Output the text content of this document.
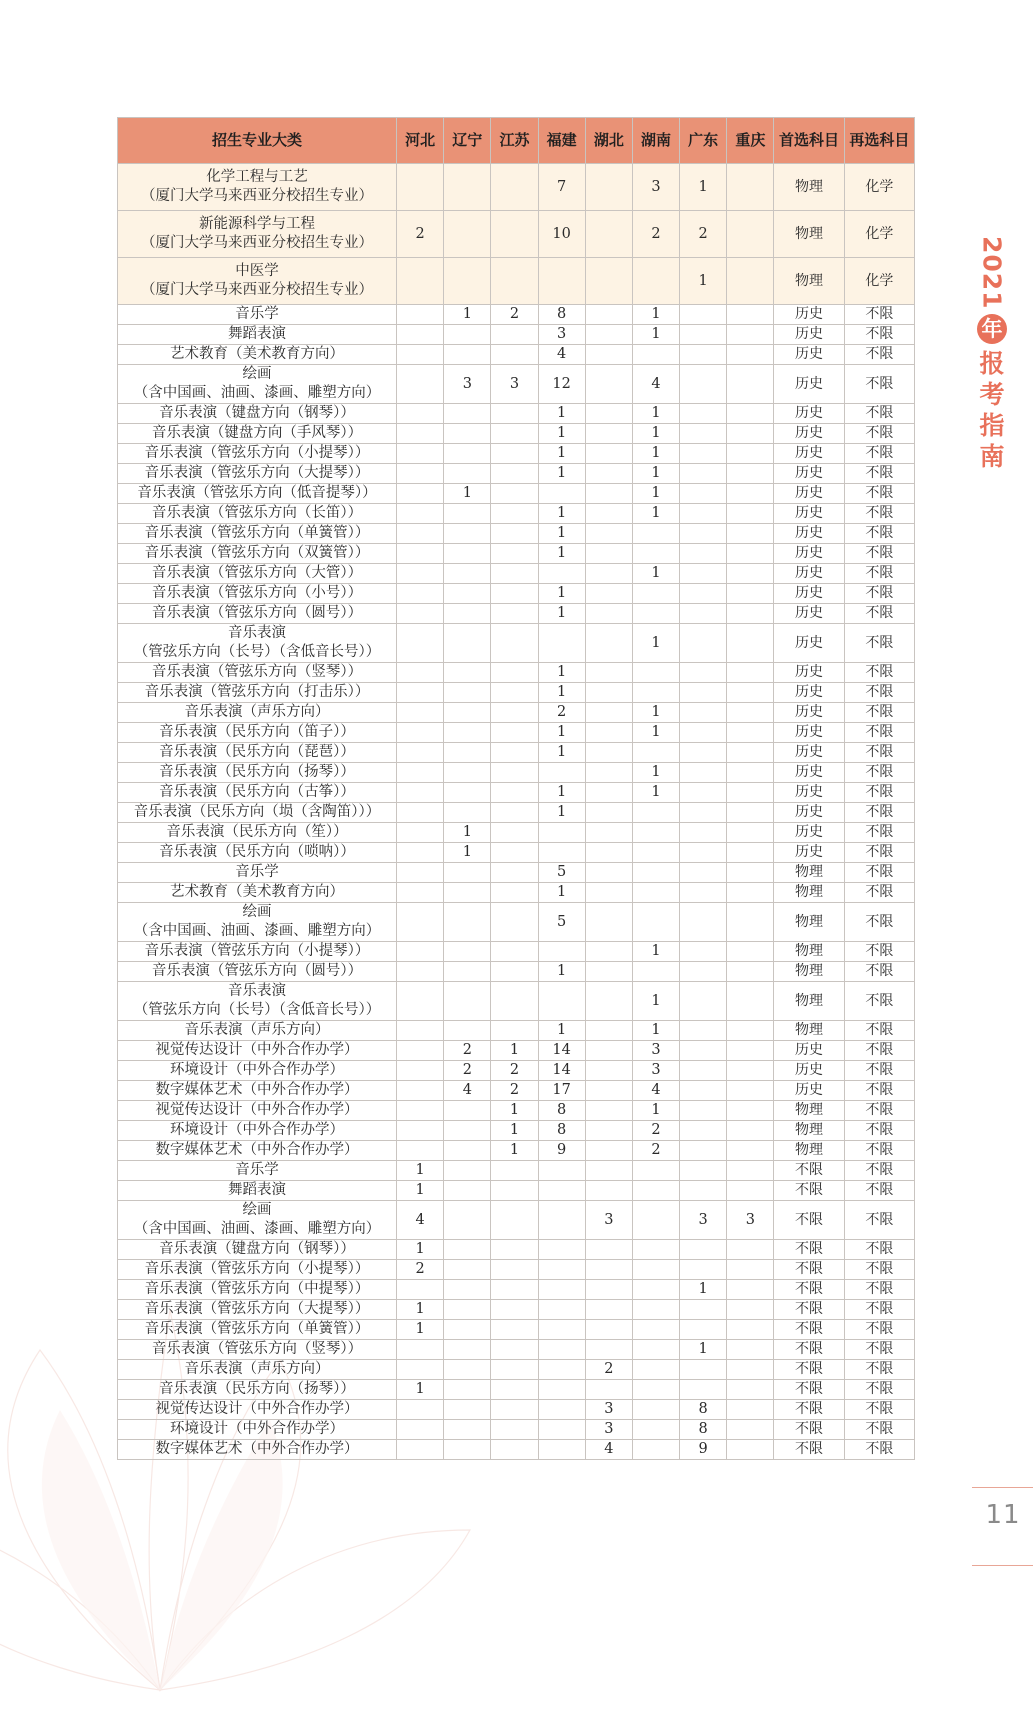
招生专业大类	河北	辽宁	江苏	福建	湖北	湖南	广东	重庆	首选科目	再选科目

化学工程与工艺
（厦门大学马来西亚分校招生专业）				7		3	1		物理	化学

新能源科学与工程
（厦门大学马来西亚分校招生专业）	2			10		2	2		物理	化学

中医学
（厦门大学马来西亚分校招生专业）							1		物理	化学

音乐学		1	2	8		1			历史	不限

舞蹈表演				3		1			历史	不限

艺术教育（美术教育方向）				4					历史	不限

绘画
（含中国画、油画、漆画、雕塑方向）		3	3	12		4			历史	不限

音乐表演（键盘方向（钢琴））				1		1			历史	不限

音乐表演（键盘方向（手风琴））				1		1			历史	不限

音乐表演（管弦乐方向（小提琴））				1		1			历史	不限

音乐表演（管弦乐方向（大提琴））				1		1			历史	不限

音乐表演（管弦乐方向（低音提琴））		1				1			历史	不限

音乐表演（管弦乐方向（长笛））				1		1			历史	不限

音乐表演（管弦乐方向（单簧管））				1					历史	不限

音乐表演（管弦乐方向（双簧管））				1					历史	不限

音乐表演（管弦乐方向（大管））						1			历史	不限

音乐表演（管弦乐方向（小号））				1					历史	不限

音乐表演（管弦乐方向（圆号））				1					历史	不限

音乐表演
（管弦乐方向（长号）（含低音长号））						1			历史	不限

音乐表演（管弦乐方向（竖琴））				1					历史	不限

音乐表演（管弦乐方向（打击乐））				1					历史	不限

音乐表演（声乐方向）				2		1			历史	不限

音乐表演（民乐方向（笛子））				1		1			历史	不限

音乐表演（民乐方向（琵琶））				1					历史	不限

音乐表演（民乐方向（扬琴））						1			历史	不限

音乐表演（民乐方向（古筝））				1		1			历史	不限

音乐表演（民乐方向（埙（含陶笛）））				1					历史	不限

音乐表演（民乐方向（笙））		1							历史	不限

音乐表演（民乐方向（唢呐））		1							历史	不限

音乐学				5					物理	不限

艺术教育（美术教育方向）				1					物理	不限

绘画
（含中国画、油画、漆画、雕塑方向）				5					物理	不限

音乐表演（管弦乐方向（小提琴））						1			物理	不限

音乐表演（管弦乐方向（圆号））				1					物理	不限

音乐表演
（管弦乐方向（长号）（含低音长号））						1			物理	不限

音乐表演（声乐方向）				1		1			物理	不限

视觉传达设计（中外合作办学）		2	1	14		3			历史	不限

环境设计（中外合作办学）		2	2	14		3			历史	不限

数字媒体艺术（中外合作办学）		4	2	17		4			历史	不限

视觉传达设计（中外合作办学）			1	8		1			物理	不限

环境设计（中外合作办学）			1	8		2			物理	不限

数字媒体艺术（中外合作办学）			1	9		2			物理	不限

音乐学	1								不限	不限

舞蹈表演	1								不限	不限

绘画
（含中国画、油画、漆画、雕塑方向）	4				3		3	3	不限	不限

音乐表演（键盘方向（钢琴））	1								不限	不限

音乐表演（管弦乐方向（小提琴））	2								不限	不限

音乐表演（管弦乐方向（中提琴））							1		不限	不限

音乐表演（管弦乐方向（大提琴））	1								不限	不限

音乐表演（管弦乐方向（单簧管））	1								不限	不限

音乐表演（管弦乐方向（竖琴））							1		不限	不限

音乐表演（声乐方向）					2				不限	不限

音乐表演（民乐方向（扬琴））	1								不限	不限

视觉传达设计（中外合作办学）					3		8		不限	不限

环境设计（中外合作办学）					3		8		不限	不限

数字媒体艺术（中外合作办学）					4		9		不限	不限
2021
年
报
考
指
南
11
